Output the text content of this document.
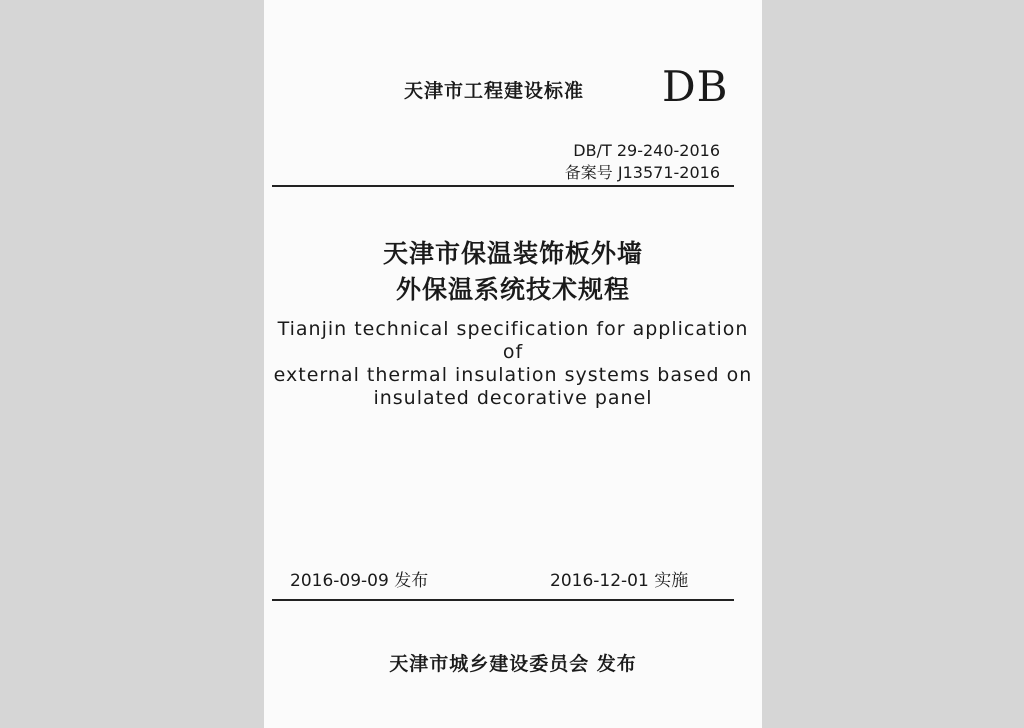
天津市工程建设标准 DB
DB/T 29-240-2016
备案号 J13571-2016
天津市保温装饰板外墙
外保温系统技术规程
Tianjin technical specification for application of
external thermal insulation systems based on
insulated decorative panel
2016-09-09 发布	2016-12-01 实施
天津市城乡建设委员会 发布
